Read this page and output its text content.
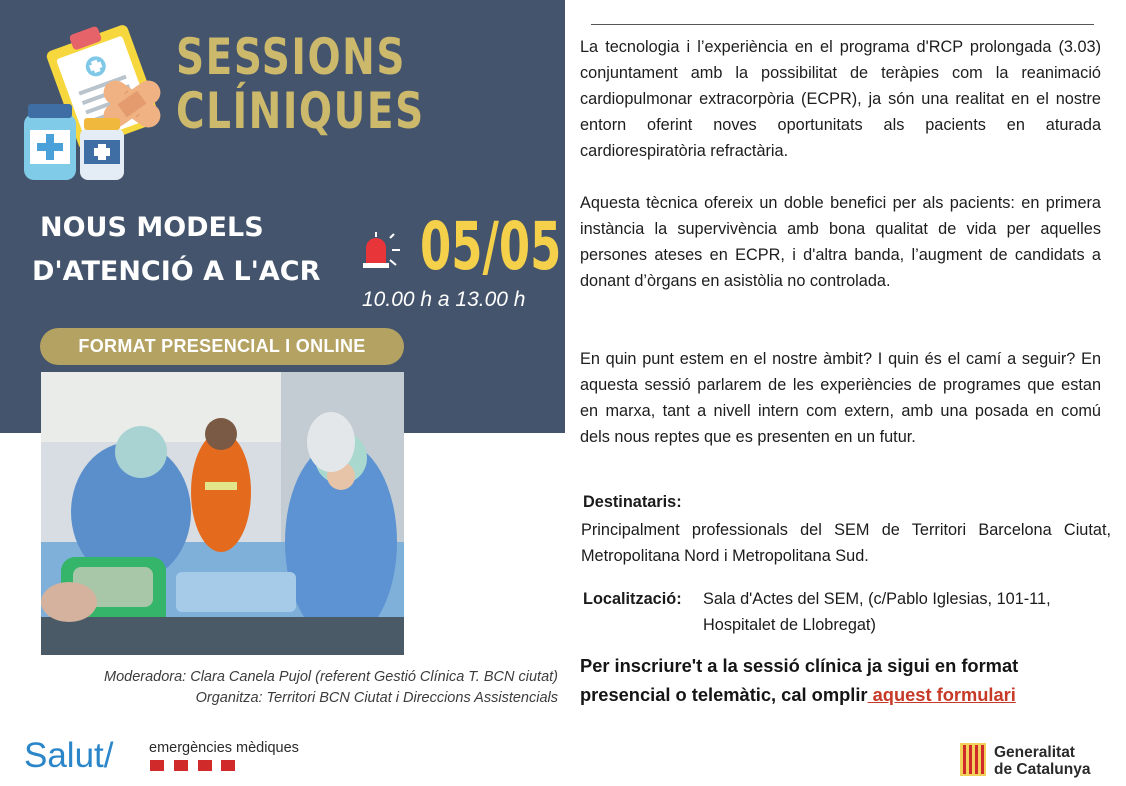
SESSIONS
CLÍNIQUES
NOUS MODELS
D'ATENCIÓ A L'ACR 05/05
10.00 h a 13.00 h
FORMAT PRESENCIAL I ONLINE
Moderadora: Clara Canela Pujol (referent Gestió Clínica T. BCN ciutat)
Organitza: Territori BCN Ciutat i Direccions Assistencials
Salut/ emergències mèdiques	Generalitat
de Catalunya

La tecnologia i l’experiència en el programa d'RCP prolongada (3.03) conjuntament amb la possibilitat de teràpies com la reanimació cardiopulmonar extracorpòria (ECPR), ja són una realitat en el nostre entorn oferint noves oportunitats als pacients en aturada cardiorespiratòria refractària.

Aquesta tècnica ofereix un doble benefici per als pacients: en primera instància la supervivència amb bona qualitat de vida per aquelles persones ateses en ECPR, i d'altra banda, l’augment de candidats a donant d’òrgans en asistòlia no controlada.

En quin punt estem en el nostre àmbit? I quin és el camí a seguir? En aquesta sessió parlarem de les experiències de programes que estan en marxa, tant a nivell intern com extern, amb una posada en comú dels nous reptes que es presenten en un futur.

Destinataris:
Principalment professionals del SEM de Territori Barcelona Ciutat, Metropolitana Nord i Metropolitana Sud.
Localització: Sala d'Actes del SEM, (c/Pablo Iglesias, 101-11, Hospitalet de Llobregat)
Per inscriure't a la sessió clínica ja sigui en format presencial o telemàtic, cal omplir aquest formulari
